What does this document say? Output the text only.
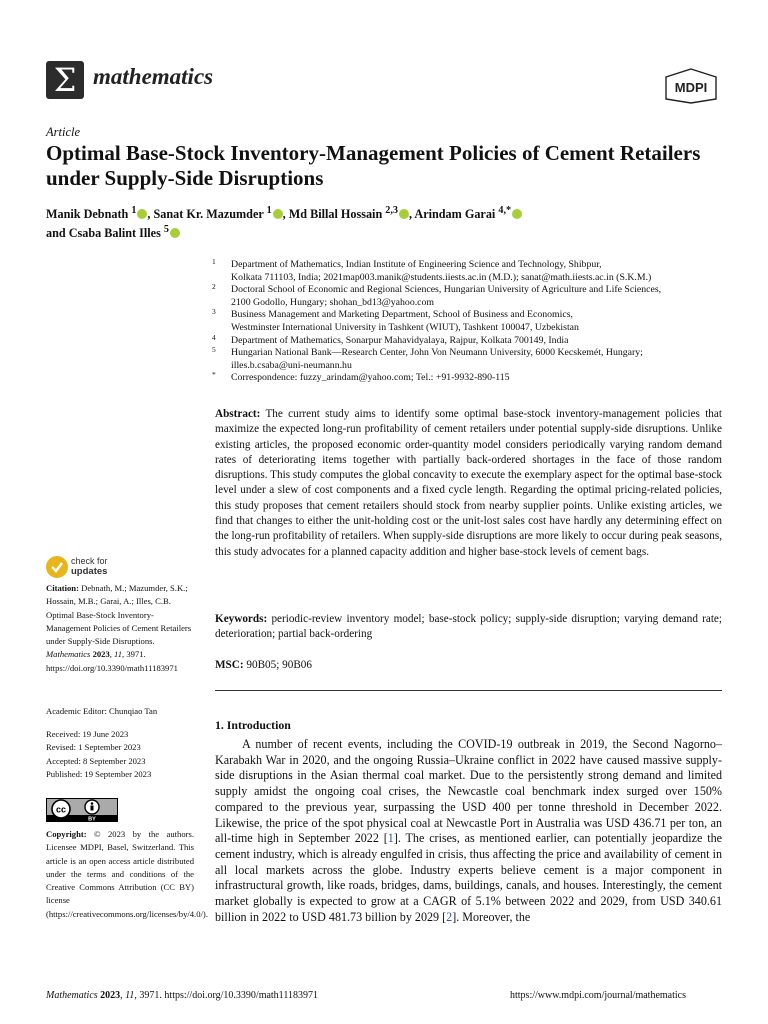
Σ mathematics	MDPI
Article
Optimal Base-Stock Inventory-Management Policies of Cement Retailers under Supply-Side Disruptions
Manik Debnath $^1$ , Sanat Kr. Mazumder $^1$ , Md Billal Hossain $^{2,3}$ , Arindam Garai $^{4,*}$
and Csaba Balint Illes $^5$
1 Department of Mathematics, Indian Institute of Engineering Science and Technology, Shibpur,
Kolkata 711103, India; 2021map003.manik@students.iiests.ac.in (M.D.); sanat@math.iiests.ac.in (S.K.M.)
2 Doctoral School of Economic and Regional Sciences, Hungarian University of Agriculture and Life Sciences,
2100 Godollo, Hungary; shohan_bd13@yahoo.com
3 Business Management and Marketing Department, School of Business and Economics,
Westminster International University in Tashkent (WIUT), Tashkent 100047, Uzbekistan
4 Department of Mathematics, Sonarpur Mahavidyalaya, Rajpur, Kolkata 700149, India
5 Hungarian National Bank—Research Center, John Von Neumann University, 6000 Kecskemét, Hungary;
illes.b.csaba@uni-neumann.hu
* Correspondence: fuzzy_arindam@yahoo.com; Tel.: +91-9932-890-115
Abstract: The current study aims to identify some optimal base-stock inventory-management policies that maximize the expected long-run profitability of cement retailers under potential supply-side disruptions. Unlike existing articles, the proposed economic order-quantity model considers periodically varying random demand rates of deteriorating items together with partially back-ordered shortages in the face of those random disruptions. This study computes the global concavity to execute the exemplary aspect for the optimal base-stock level under a slew of cost components and a fixed cycle length. Regarding the optimal pricing-related policies, this study proposes that cement retailers should stock from nearby supplier points. Unlike existing articles, we find that changes to either the unit-holding cost or the unit-lost sales cost have hardly any determining effect on the long-run profitability of retailers. When supply-side disruptions are more likely to occur during peak seasons, this study advocates for a planned capacity addition and higher base-stock levels of cement bags.
Keywords: periodic-review inventory model; base-stock policy; supply-side disruption; varying demand rate; deterioration; partial back-ordering
MSC: 90B05; 90B06
1. Introduction
A number of recent events, including the COVID-19 outbreak in 2019, the Second Nagorno–Karabakh War in 2020, and the ongoing Russia–Ukraine conflict in 2022 have caused massive supply-side disruptions in the Asian thermal coal market. Due to the persistently strong demand and limited supply amidst the ongoing coal crises, the Newcastle coal benchmark index surged over 150% compared to the previous year, surpassing the USD 400 per tonne threshold in December 2022. Likewise, the price of the spot physical coal at Newcastle Port in Australia was USD 436.71 per ton, an all-time high in September 2022 [1]. The crises, as mentioned earlier, can potentially jeopardize the cement industry, which is already engulfed in crisis, thus affecting the price and availability of cement in all local markets across the globe. Industry experts believe cement is a major component in infrastructural growth, like roads, bridges, dams, buildings, canals, and houses. Interestingly, the cement market globally is expected to grow at a CAGR of 5.1% between 2022 and 2029, from USD 340.61 billion in 2022 to USD 481.73 billion by 2029 [2]. Moreover, the
check for
updates
Citation: Debnath, M.; Mazumder, S.K.; Hossain, M.B.; Garai, A.; Illes, C.B. Optimal Base-Stock Inventory-Management Policies of Cement Retailers under Supply-Side Disruptions. Mathematics 2023, 11, 3971. https://doi.org/10.3390/math11183971
Academic Editor: Chunqiao Tan
Received: 19 June 2023
Revised: 1 September 2023
Accepted: 8 September 2023
Published: 19 September 2023
cc
BY
Copyright: © 2023 by the authors. Licensee MDPI, Basel, Switzerland. This article is an open access article distributed under the terms and conditions of the Creative Commons Attribution (CC BY) license (https://creativecommons.org/licenses/by/4.0/).
Mathematics 2023, 11, 3971. https://doi.org/10.3390/math11183971	https://www.mdpi.com/journal/mathematics
